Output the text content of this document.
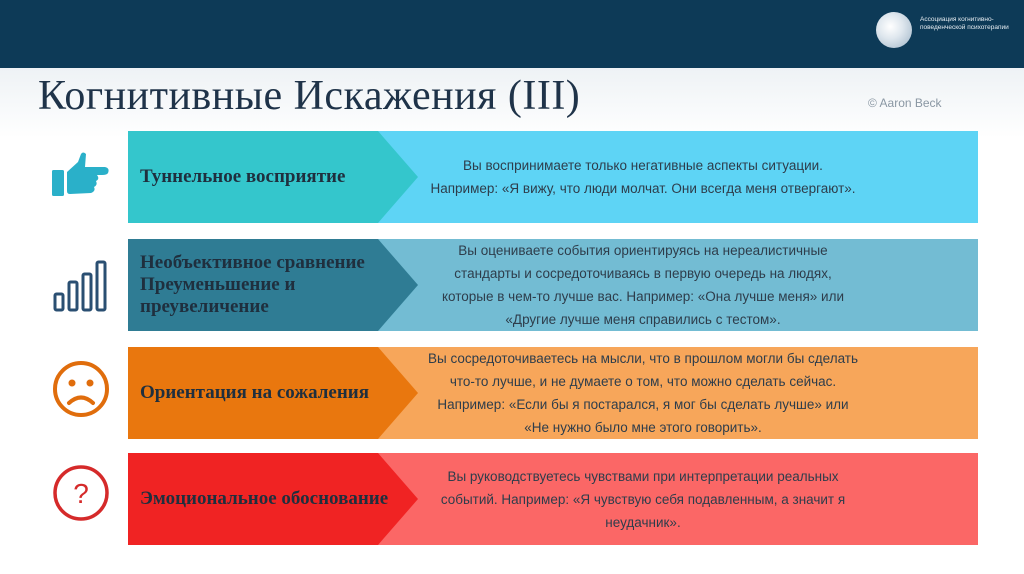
Ассоциация когнитивно-поведенческой психотерапии
Когнитивные Искажения (III)	© Aaron Beck
Туннельное восприятие
Вы воспринимаете только негативные аспекты ситуации. Например: «Я вижу, что люди молчат. Они всегда меня отвергают».
Необъективное сравнение Преуменьшение и преувеличение
Вы оцениваете события ориентируясь на нереалистичные стандарты и сосредоточиваясь в первую очередь на людях, которые в чем-то лучше вас. Например: «Она лучше меня» или «Другие лучше меня справились с тестом».
Ориентация на сожаления
Вы сосредоточиваетесь на мысли, что в прошлом могли бы сделать что-то лучше, и не думаете о том, что можно сделать сейчас. Например: «Если бы я постарался, я мог бы сделать лучше» или «Не нужно было мне этого говорить».
?	Эмоциональное обоснование
Вы руководствуетесь чувствами при интерпретации реальных событий. Например: «Я чувствую себя подавленным, а значит я неудачник».
